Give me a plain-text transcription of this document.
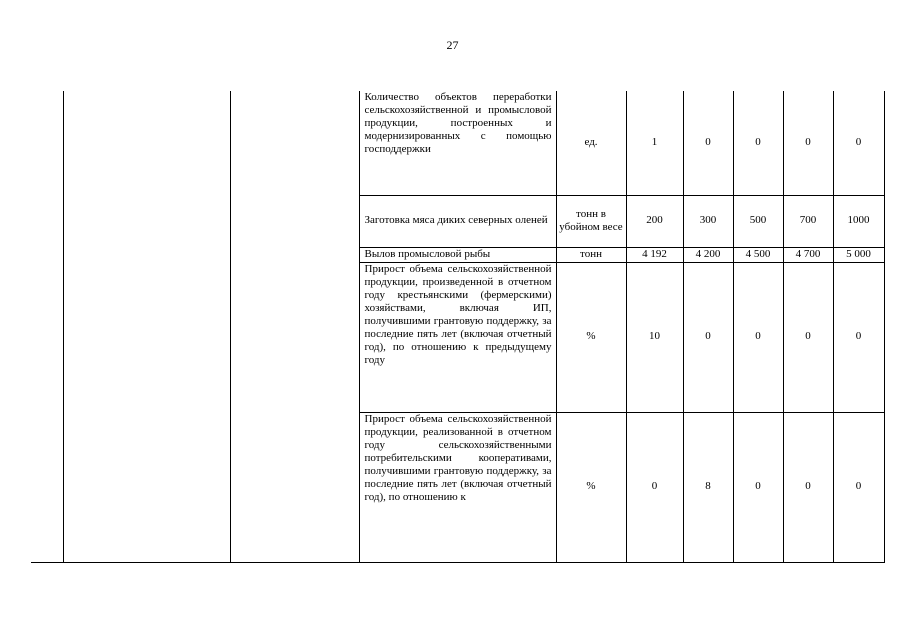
27
			Количество объектов переработки сельскохозяйственной и промысловой продукции, построенных и модернизированных с помощью господдержки	ед.	1	0	0	0	0
			Заготовка мяса диких северных оленей	тонн в убойном весе	200	300	500	700	1000
			Вылов промысловой рыбы	тонн	4 192	4 200	4 500	4 700	5 000
			Прирост объема сельскохозяйственной продукции, произведенной в отчетном году крестьянскими (фермерскими) хозяйствами, включая ИП, получившими грантовую поддержку, за последние пять лет (включая отчетный год), по отношению к предыдущему году	%	10	0	0	0	0
			Прирост объема сельскохозяйственной продукции, реализованной в отчетном году сельскохозяйственными потребительскими кооперативами, получившими грантовую поддержку, за последние пять лет (включая отчетный год), по отношению к	%	0	8	0	0	0
